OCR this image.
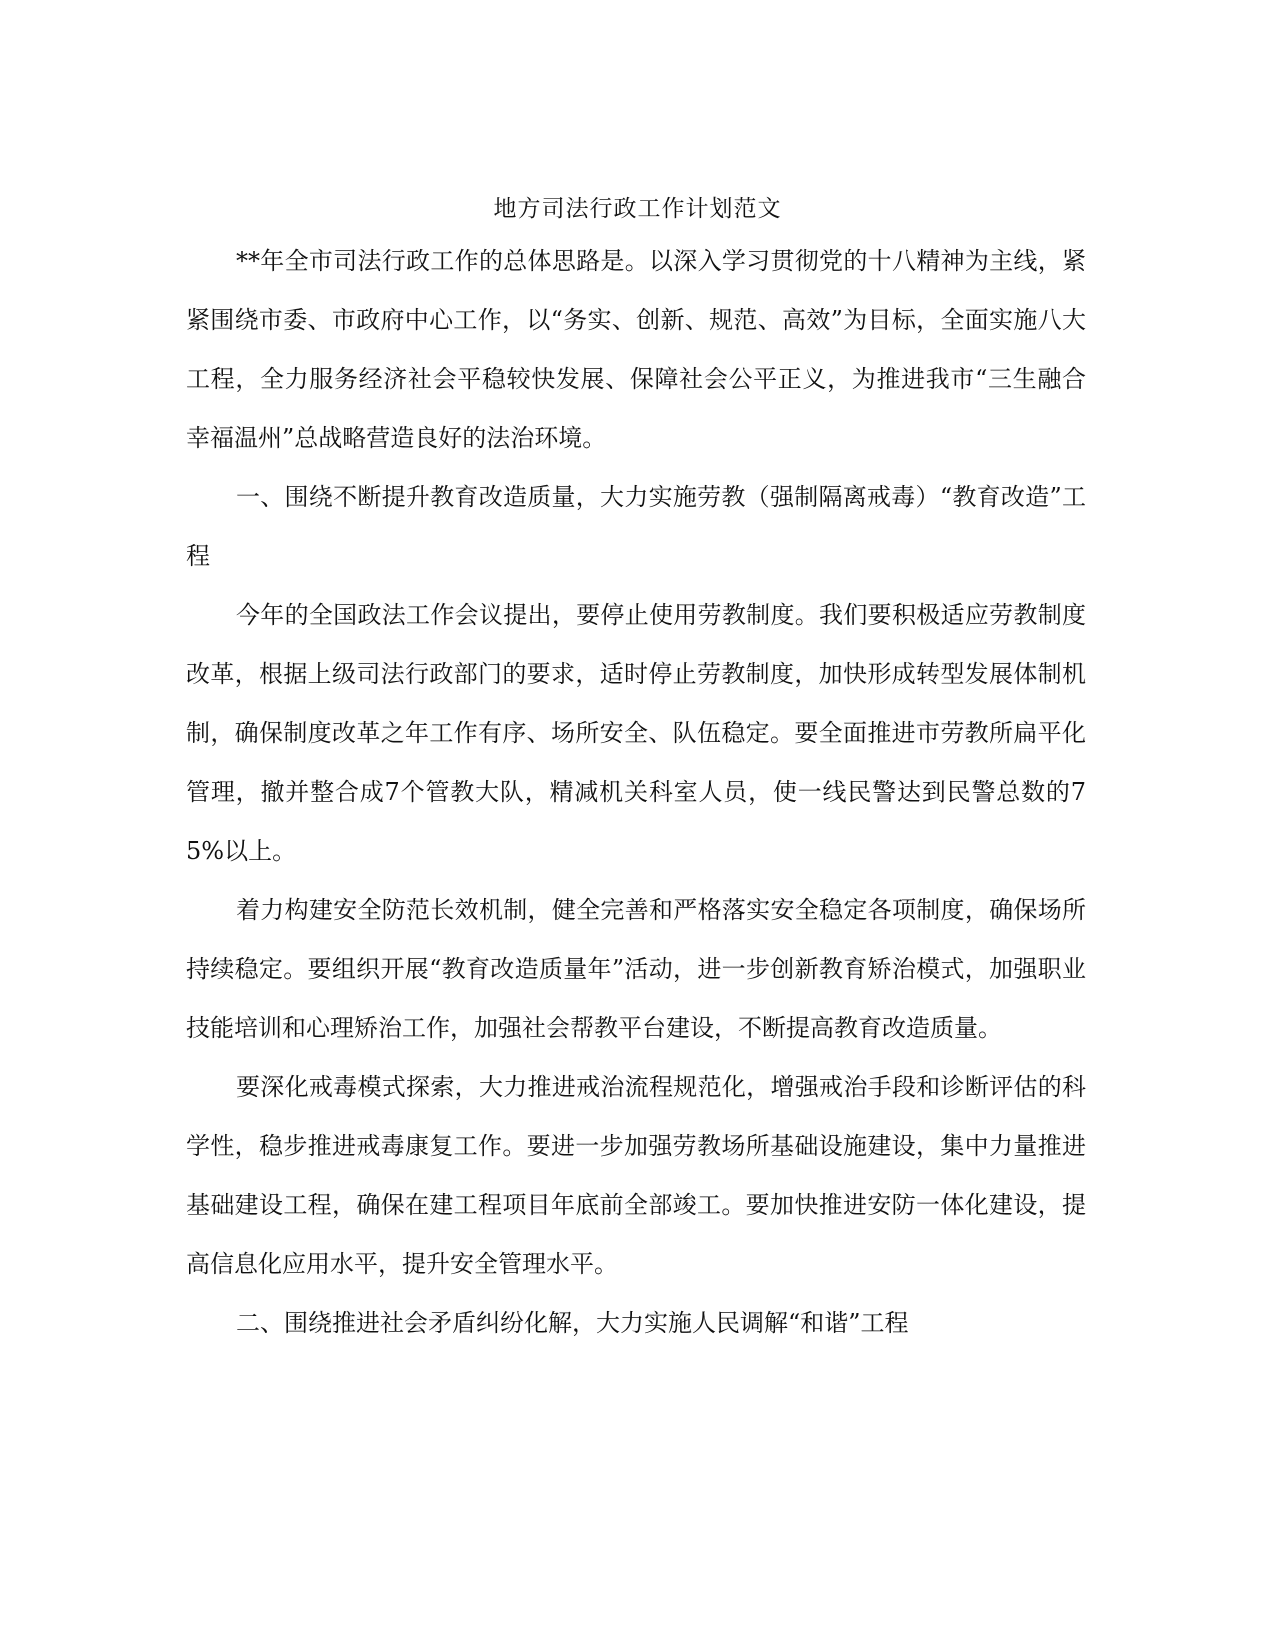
地方司法行政工作计划范文

**年全市司法行政工作的总体思路是。以深入学习贯彻党的十八精神为主线，紧紧围绕市委、市政府中心工作，以“务实、创新、规范、高效”为目标，全面实施八大工程，全力服务经济社会平稳较快发展、保障社会公平正义，为推进我市“三生融合幸福温州”总战略营造良好的法治环境。

一、围绕不断提升教育改造质量，大力实施劳教（强制隔离戒毒）“教育改造”工程

今年的全国政法工作会议提出，要停止使用劳教制度。我们要积极适应劳教制度改革，根据上级司法行政部门的要求，适时停止劳教制度，加快形成转型发展体制机制，确保制度改革之年工作有序、场所安全、队伍稳定。要全面推进市劳教所扁平化管理，撤并整合成7个管教大队，精减机关科室人员，使一线民警达到民警总数的75%以上。

着力构建安全防范长效机制，健全完善和严格落实安全稳定各项制度，确保场所持续稳定。要组织开展“教育改造质量年”活动，进一步创新教育矫治模式，加强职业技能培训和心理矫治工作，加强社会帮教平台建设，不断提高教育改造质量。

要深化戒毒模式探索，大力推进戒治流程规范化，增强戒治手段和诊断评估的科学性，稳步推进戒毒康复工作。要进一步加强劳教场所基础设施建设，集中力量推进基础建设工程，确保在建工程项目年底前全部竣工。要加快推进安防一体化建设，提高信息化应用水平，提升安全管理水平。

二、围绕推进社会矛盾纠纷化解，大力实施人民调解“和谐”工程
